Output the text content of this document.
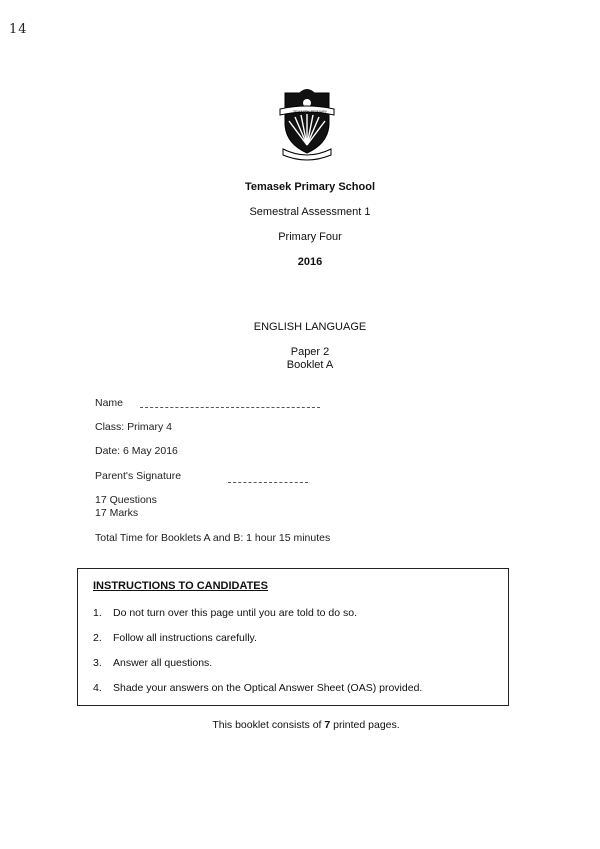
14
TEMASEK PRIMARY
Temasek Primary School
Semestral Assessment 1
Primary Four
2016
ENGLISH LANGUAGE
Paper 2
Booklet A
Name
Class: Primary 4
Date: 6 May 2016
Parent's Signature
17 Questions
17 Marks
Total Time for Booklets A and B: 1 hour 15 minutes
INSTRUCTIONS TO CANDIDATES
1. Do not turn over this page until you are told to do so.
2. Follow all instructions carefully.
3. Answer all questions.
4. Shade your answers on the Optical Answer Sheet (OAS) provided.
This booklet consists of 7 printed pages.
